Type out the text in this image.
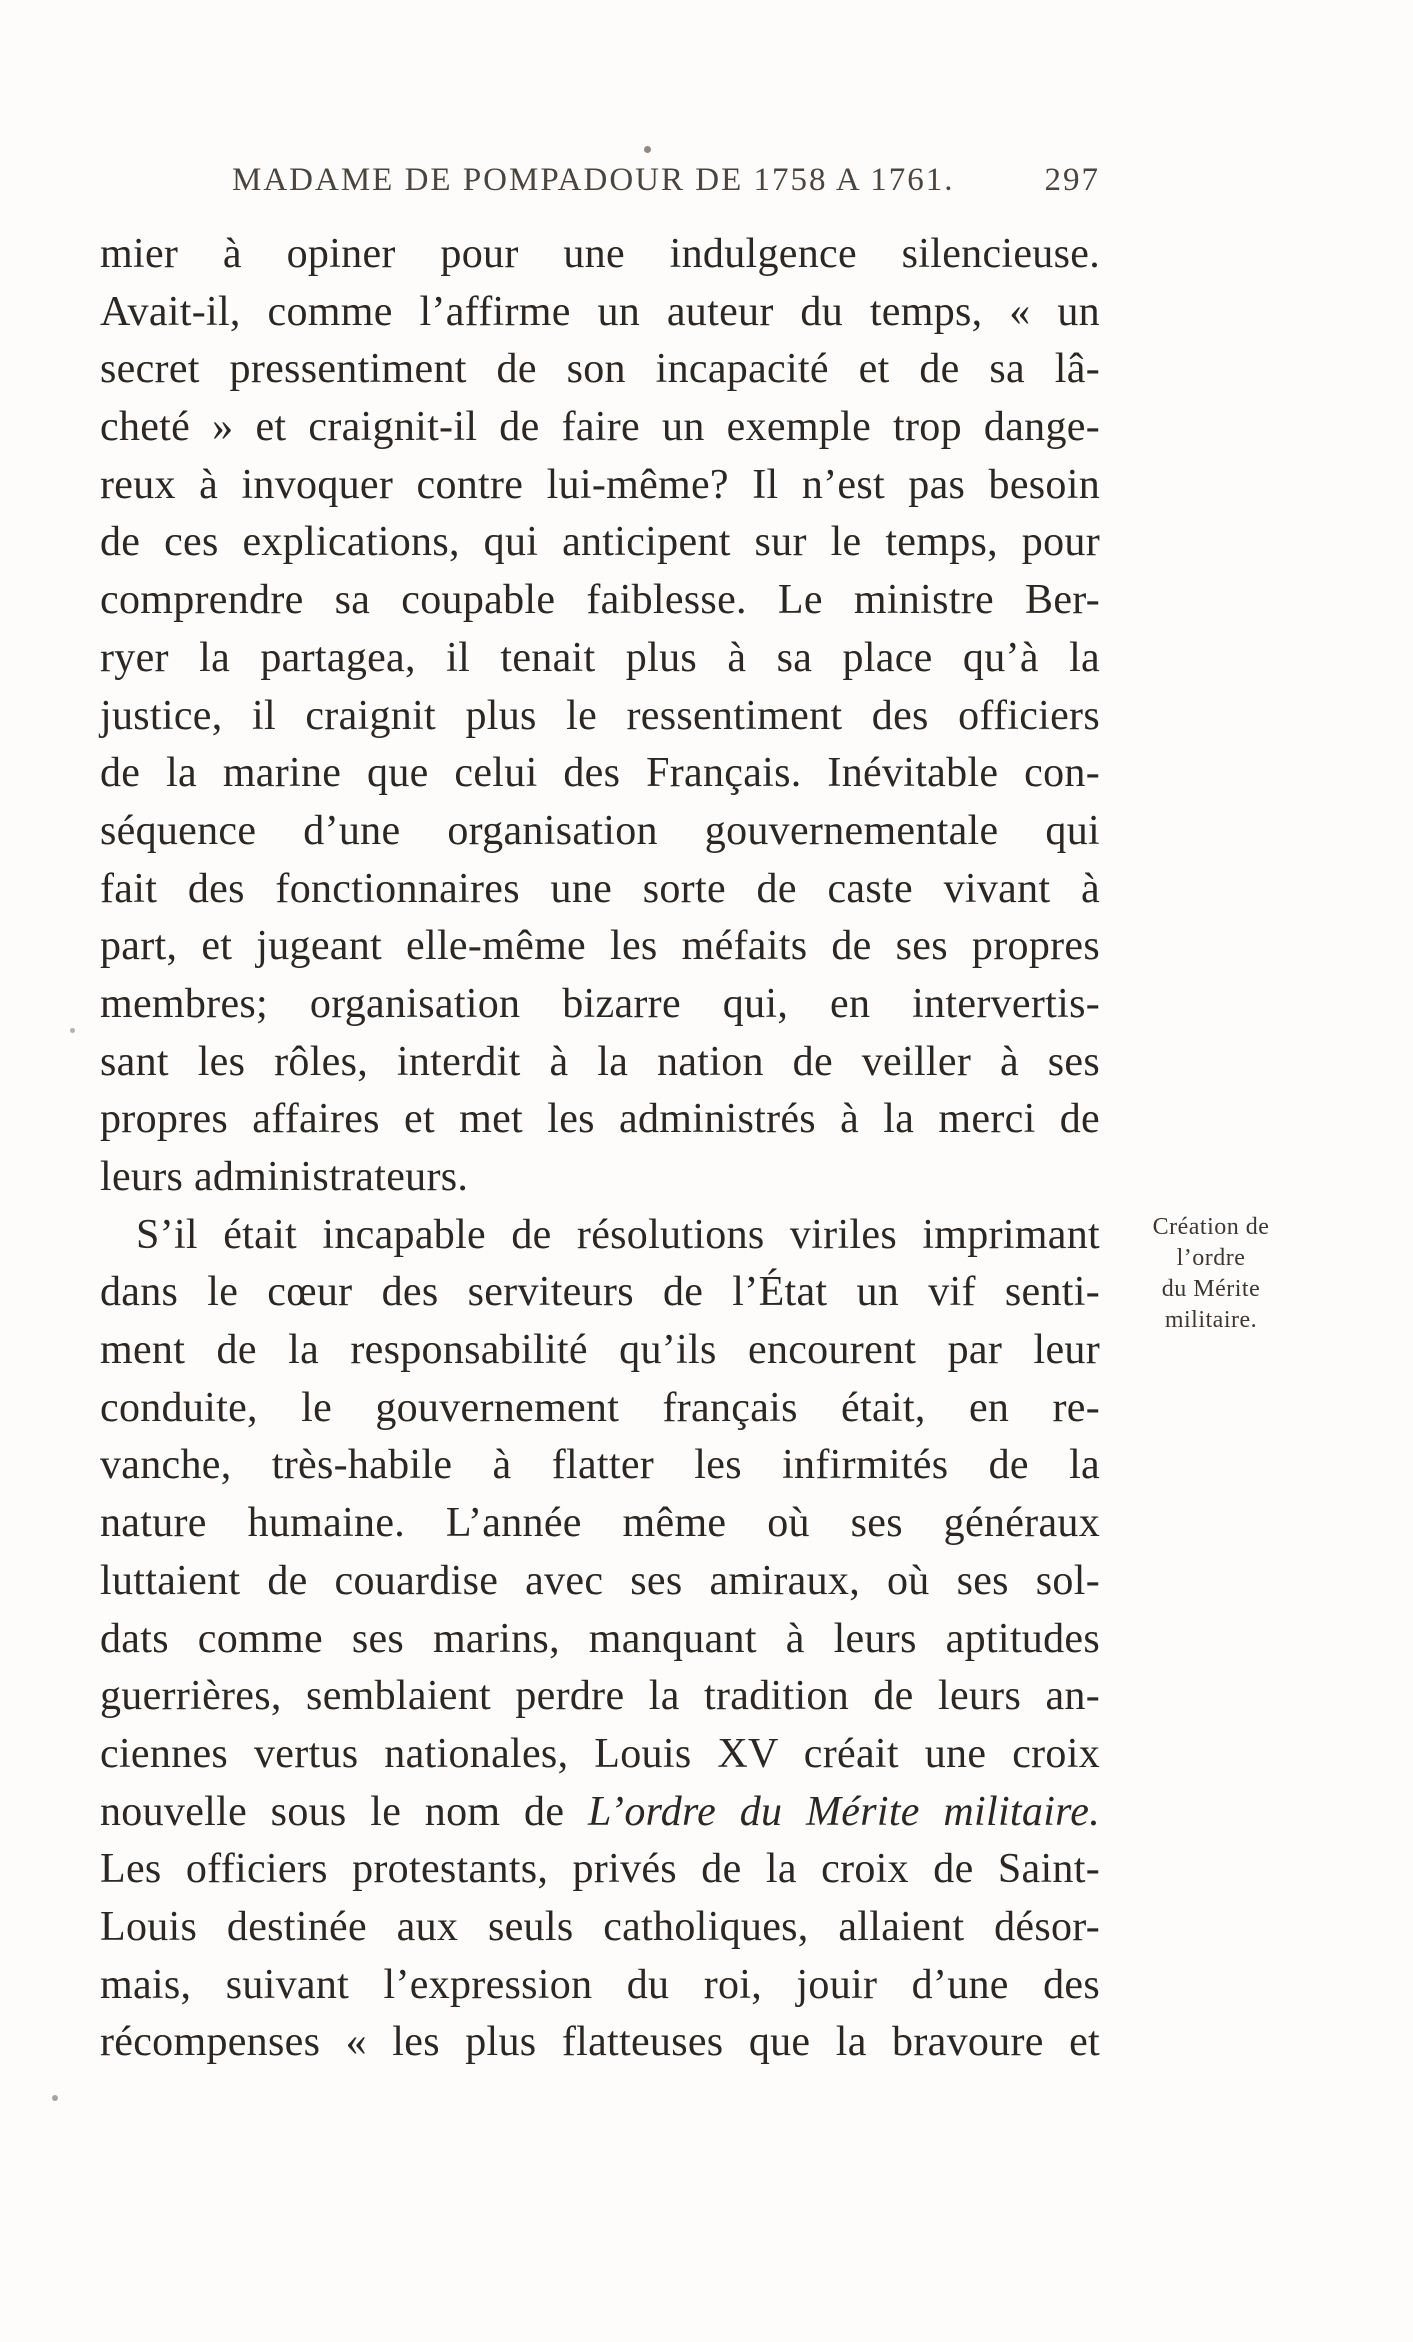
MADAME DE POMPADOUR DE 1758 A 1761.	297
mier à opiner pour une indulgence silencieuse.
Avait-il, comme l’affirme un auteur du temps, « un
secret pressentiment de son incapacité et de sa lâ-
cheté » et craignit-il de faire un exemple trop dange-
reux à invoquer contre lui-même? Il n’est pas besoin
de ces explications, qui anticipent sur le temps, pour
comprendre sa coupable faiblesse. Le ministre Ber-
ryer la partagea, il tenait plus à sa place qu’à la
justice, il craignit plus le ressentiment des officiers
de la marine que celui des Français. Inévitable con-
séquence d’une organisation gouvernementale qui
fait des fonctionnaires une sorte de caste vivant à
part, et jugeant elle-même les méfaits de ses propres
membres; organisation bizarre qui, en intervertis-
sant les rôles, interdit à la nation de veiller à ses
propres affaires et met les administrés à la merci de
leurs administrateurs.
S’il était incapable de résolutions viriles imprimant
dans le cœur des serviteurs de l’État un vif senti-
ment de la responsabilité qu’ils encourent par leur
conduite, le gouvernement français était, en re-
vanche, très-habile à flatter les infirmités de la
nature humaine. L’année même où ses généraux
luttaient de couardise avec ses amiraux, où ses sol-
dats comme ses marins, manquant à leurs aptitudes
guerrières, semblaient perdre la tradition de leurs an-
ciennes vertus nationales, Louis XV créait une croix
nouvelle sous le nom de L’ordre du Mérite militaire.
Les officiers protestants, privés de la croix de Saint-
Louis destinée aux seuls catholiques, allaient désor-
mais, suivant l’expression du roi, jouir d’une des
récompenses « les plus flatteuses que la bravoure et
Création de
l’ordre
du Mérite
militaire.
